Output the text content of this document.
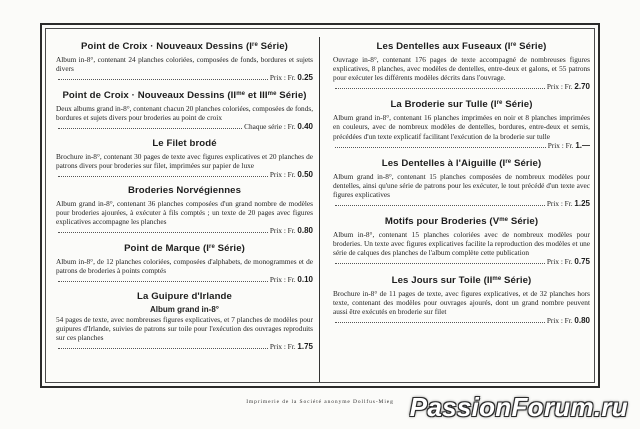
Point de Croix · Nouveaux Dessins (Ire Série)

Album in-8°, contenant 24 planches coloriées, composées de fonds, bordures et sujets divers

Prix : Fr. 0.25
Point de Croix · Nouveaux Dessins ($II^{me}$ et $III^{me}$ Série)

Deux albums grand in-8°, contenant chacun 20 planches coloriées, composées de fonds, bordures et sujets divers pour broderies au point de croix

Chaque série : Fr. 0.40
Le Filet brodé

Brochure in-8°, contenant 30 pages de texte avec figures explicatives et 20 planches de patrons divers pour broderies sur filet, imprimées sur papier de luxe

Prix : Fr. 0.50
Broderies Norvégiennes

Album grand in-8°, contenant 36 planches composées d'un grand nombre de modèles pour broderies ajourées, à exécuter à fils comptés ; un texte de 20 pages avec figures explicatives accompagne les planches

Prix : Fr. 0.80
Point de Marque (Ire Série)

Album in-8°, de 12 planches coloriées, composées d'alphabets, de monogrammes et de patrons de broderies à points comptés

Prix : Fr. 0.10
La Guipure d'Irlande
Album grand in-8°

54 pages de texte, avec nombreuses figures explicatives, et 7 planches de modèles pour guipures d'Irlande, suivies de patrons sur toile pour l'exécution des ouvrages reproduits sur ces planches

Prix : Fr. 1.75
Les Dentelles aux Fuseaux (Ire Série)

Ouvrage in-8°, contenant 176 pages de texte accompagné de nombreuses figures explicatives, 8 planches, avec modèles de dentelles, entre-deux et galons, et 55 patrons pour exécuter les différents modèles décrits dans l'ouvrage.

Prix : Fr. 2.70
La Broderie sur Tulle (Ire Série)

Album grand in-8°, contenant 16 planches imprimées en noir et 8 planches imprimées en couleurs, avec de nombreux modèles de dentelles, bordures, entre-deux et semis, précédées d'un texte explicatif facilitant l'exécution de la broderie sur tulle

Prix : Fr. 1.—
Les Dentelles à l'Aiguille (Ire Série)

Album grand in-8°, contenant 15 planches composées de nombreux modèles pour dentelles, ainsi qu'une série de patrons pour les exécuter, le tout précédé d'un texte avec figures explicatives

Prix : Fr. 1.25
Motifs pour Broderies ($V^{me}$ Série)

Album in-8°, contenant 15 planches coloriées avec de nombreux modèles pour broderies. Un texte avec figures explicatives facilite la reproduction des modèles et une série de calques des planches de l'album complète cette publication

Prix : Fr. 0.75
Les Jours sur Toile ($II^{me}$ Série)

Brochure in-8° de 11 pages de texte, avec figures explicatives, et de 32 planches hors texte, contenant des modèles pour ouvrages ajourés, dont un grand nombre peuvent aussi être exécutés en broderie sur filet

Prix : Fr. 0.80
Imprimerie de la Société anonyme Dollfus-Mieg PassionForum.ru
